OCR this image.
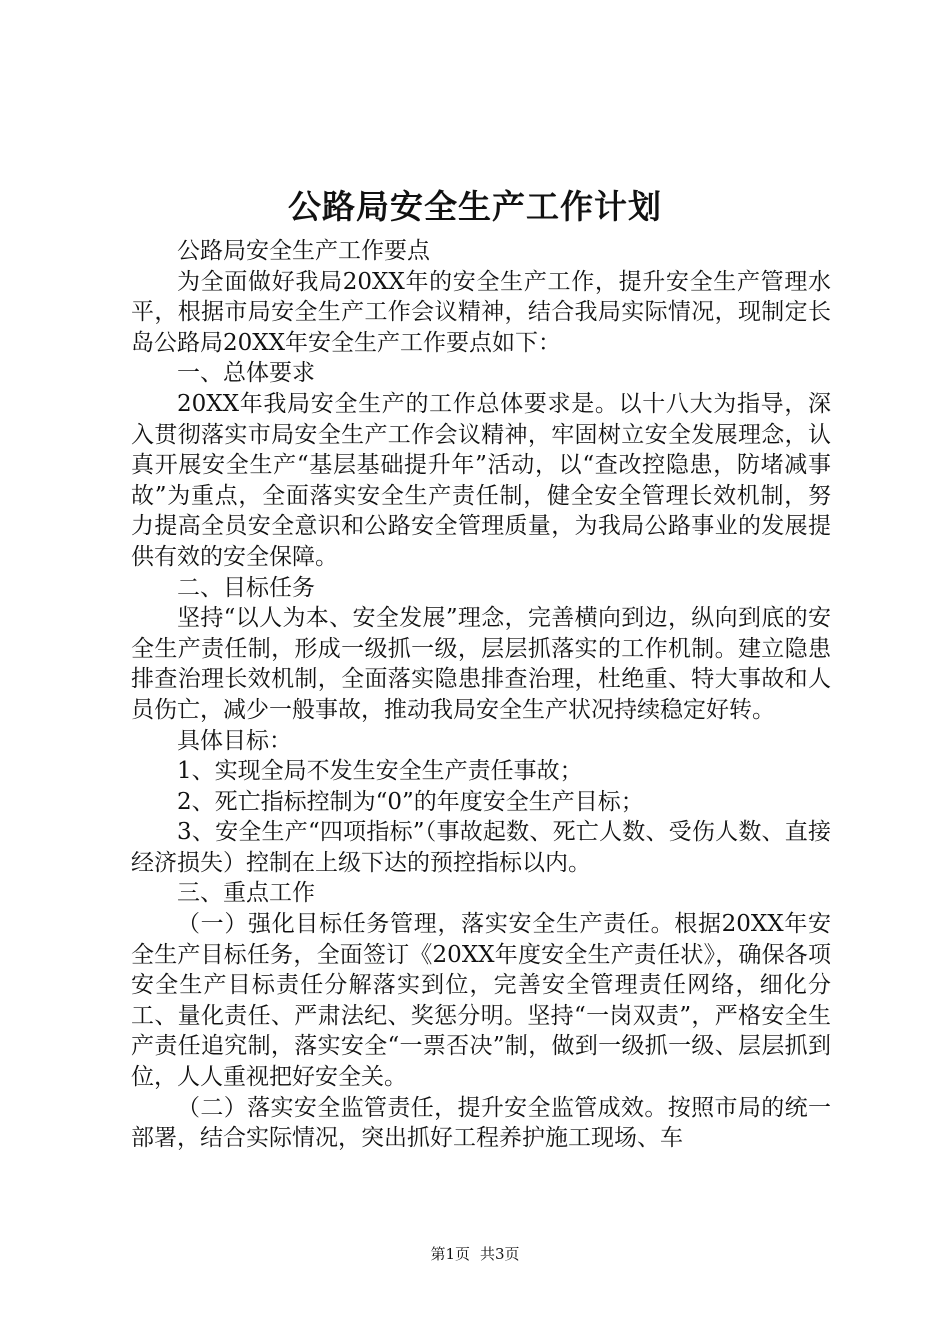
公路局安全生产工作计划

公路局安全生产工作要点

为全面做好我局20XX年的安全生产工作，提升安全生产管理水平，根据市局安全生产工作会议精神，结合我局实际情况，现制定长岛公路局20XX年安全生产工作要点如下：

一、总体要求

20XX年我局安全生产的工作总体要求是。以十八大为指导，深入贯彻落实市局安全生产工作会议精神，牢固树立安全发展理念，认真开展安全生产“基层基础提升年”活动，以“查改控隐患，防堵减事故”为重点，全面落实安全生产责任制，健全安全管理长效机制，努力提高全员安全意识和公路安全管理质量，为我局公路事业的发展提供有效的安全保障。

二、目标任务

坚持“以人为本、安全发展”理念，完善横向到边，纵向到底的安全生产责任制，形成一级抓一级，层层抓落实的工作机制。建立隐患排查治理长效机制，全面落实隐患排查治理，杜绝重、特大事故和人员伤亡，减少一般事故，推动我局安全生产状况持续稳定好转。

具体目标：

1、实现全局不发生安全生产责任事故；

2、死亡指标控制为“0”的年度安全生产目标；

3、安全生产“四项指标”（事故起数、死亡人数、受伤人数、直接经济损失）控制在上级下达的预控指标以内。

三、重点工作

（一）强化目标任务管理，落实安全生产责任。根据20XX年安全生产目标任务，全面签订《20XX年度安全生产责任状》，确保各项安全生产目标责任分解落实到位，完善安全管理责任网络，细化分工、量化责任、严肃法纪、奖惩分明。坚持“一岗双责”，严格安全生产责任追究制，落实安全“一票否决”制，做到一级抓一级、层层抓到位，人人重视把好安全关。

（二）落实安全监管责任，提升安全监管成效。按照市局的统一部署，结合实际情况，突出抓好工程养护施工现场、车

第1页 共3页
